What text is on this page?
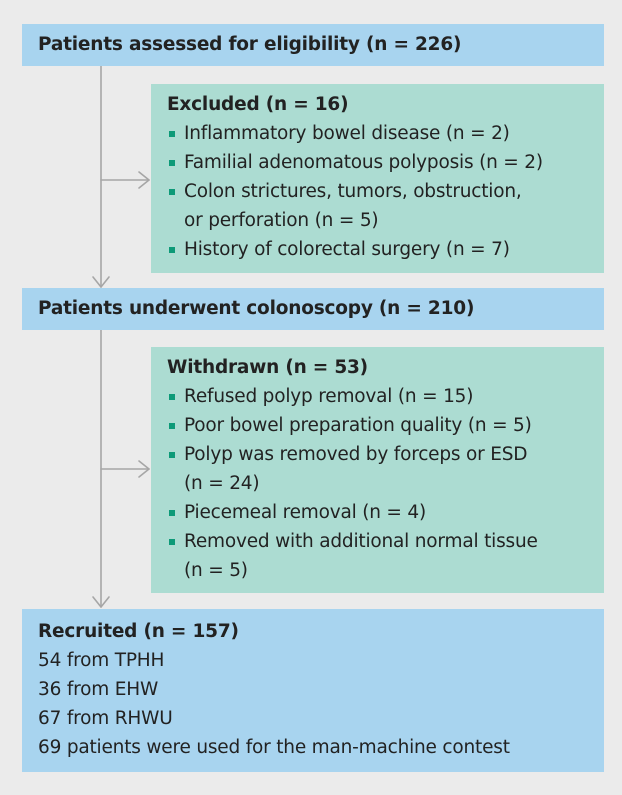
Patients assessed for eligibility (n = 226)
Excluded (n = 16)
Inflammatory bowel disease (n = 2)
Familial adenomatous polyposis (n = 2)
Colon strictures, tumors, obstruction,
or perforation (n = 5)
History of colorectal surgery (n = 7)
Patients underwent colonoscopy (n = 210)
Withdrawn (n = 53)
Refused polyp removal (n = 15)
Poor bowel preparation quality (n = 5)
Polyp was removed by forceps or ESD
(n = 24)
Piecemeal removal (n = 4)
Removed with additional normal tissue
(n = 5)
Recruited (n = 157)
54 from TPHH
36 from EHW
67 from RHWU
69 patients were used for the man-machine contest
